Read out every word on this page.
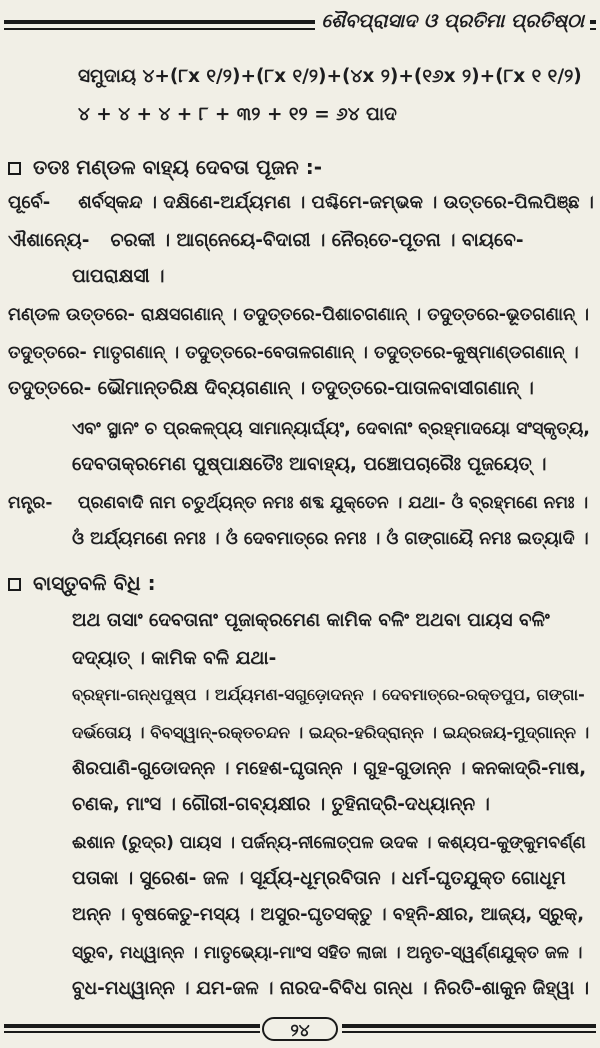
ଶୈବପ୍ରାସାଦ ଓ ପ୍ରତିମା ପ୍ରତିଷ୍ଠା
ସମୁଦାୟ ୪+(୮x ୧/୨)+(୮x ୧/୨)+(୪x ୨)+(୧୬x ୨)+(୮x ୧ ୧/୨)
୪ + ୪ + ୪ + ୮ + ୩୨ + ୧୨ = ୬୪ ପାଦ
ତତଃ ମଣ୍ଡଳ ବାହ୍ୟ ଦେବତା ପୂଜନ :-
ପୂର୍ବେ- ଶର୍ବସ୍କନ୍ଦ । ଦକ୍ଷିଣେ-ଅର୍ଯ୍ୟମଣ । ପଶ୍ଚିମେ-ଜମ୍ଭକ । ଉତ୍ତରେ-ପିଲପିଞ୍ଛ ।
ଐଶାନ୍ୟେ- ଚରକୀ । ଆଗ୍ନେୟେ-ବିଦାରୀ । ନୈଋତେ-ପୂତନା । ବାୟବେ-
ପାପରାକ୍ଷସୀ ।
ମଣ୍ଡଳ ଉତ୍ତରେ- ରାକ୍ଷସଗଣାନ୍ । ତଦୁତ୍ତରେ-ପିଶାଚଗଣାନ୍ । ତଦୁତ୍ତରେ-ଭୂତଗଣାନ୍ ।
ତଦୁତ୍ତରେ- ମାତୃଗଣାନ୍ । ତଦୁତ୍ତରେ-ବେତାଳଗଣାନ୍ । ତଦୁତ୍ତରେ-କୁଷ୍ମାଣ୍ଡଗଣାନ୍ ।
ତଦୁତ୍ତରେ- ଭୌମାନ୍ତରିକ୍ଷ ଦିବ୍ୟଗଣାନ୍ । ତଦୁତ୍ତରେ-ପାତାଳବାସୀଗଣାନ୍ ।
ଏବଂ ସ୍ଥାନଂ ଚ ପ୍ରକଳ୍ପ୍ୟ ସାମାନ୍ୟାର୍ଘ୍ୟଂ, ଦେବାନାଂ ବ୍ରହ୍ମାଦୟୋ ସଂସ୍କୃତ୍ୟ,
ଦେବତାକ୍ରମେଣ ପୁଷ୍ପାକ୍ଷତୈଃ ଆବାହ୍ୟ, ପଞ୍ଚୋପଚାରୈଃ ପୂଜୟେତ୍ ।
ମନ୍ତ୍ର- ପ୍ରଣବାଦି ନାମ ଚତୁର୍ଥ୍ୟନ୍ତ ନମଃ ଶବ୍ଦ ଯୁକ୍ତେନ । ଯଥା- ଓଁ ବ୍ରହ୍ମଣେ ନମଃ ।
ଓଁ ଅର୍ଯ୍ୟମଣେ ନମଃ । ଓଁ ଦେବମାତ୍ରେ ନମଃ । ଓଁ ଗଙ୍ଗାୟୈ ନମଃ ଇତ୍ୟାଦି ।
ବାସ୍ତୁବଳି ବିଧି :
ଅଥ ତାସାଂ ଦେବତାନାଂ ପୂଜାକ୍ରମେଣ କାମିକ ବଳିଂ ଅଥବା ପାୟସ ବଳିଂ
ଦଦ୍ୟାତ୍ । କାମିକ ବଳି ଯଥା-
ବ୍ରହ୍ମା-ଗନ୍ଧପୁଷ୍ପ । ଅର୍ଯ୍ୟମଣ-ସଗୁଡ଼ୋଦନ୍ନ । ଦେବମାତ୍ରେ-ରକ୍ତପୁପ, ଗଙ୍ଗା-
ଦର୍ଭତୋୟ । ବିବସ୍ୱାନ୍-ରକ୍ତଚନ୍ଦନ । ଇନ୍ଦ୍ର-ହରିଦ୍ରାନ୍ନ । ଇନ୍ଦ୍ରଜୟ-ମୁଦ୍ଗାନ୍ନ ।
ଶିରପାଣି-ଗୁଡୋଦନ୍ନ । ମହେଶ-ଘୃତାନ୍ନ । ଗୁହ-ଗୁଡାନ୍ନ । କନକାଦ୍ରି-ମାଷ,
ଚଣକ, ମାଂସ । ଗୌରୀ-ଗବ୍ୟକ୍ଷୀର । ତୁହିନାଦ୍ରି-ଦଧ୍ୟାନ୍ନ ।
ଈଶାନ (ରୁଦ୍ର) ପାୟସ । ପର୍ଜନ୍ୟ-ନୀଳୋତ୍ପଳ ଉଦକ । କଶ୍ୟପ-କୁଙ୍କୁମବର୍ଣ୍ଣ
ପତାକା । ସୁରେଶ- ଜଳ । ସୂର୍ଯ୍ୟ-ଧୂମ୍ରବିତାନ । ଧର୍ମ-ଘୃତଯୁକ୍ତ ଗୋଧୂମ
ଅନ୍ନ । ବୃଷକେତୁ-ମସ୍ୟ । ଅସୁର-ଘୃତସକ୍ତୁ । ବହ୍ନି-କ୍ଷୀର, ଆଜ୍ୟ, ସ୍ରୁକ୍,
ସ୍ରୁବ, ମଧ୍ୱାନ୍ନ । ମାତୃଭ୍ୟୋ-ମାଂସ ସହିତ ଲାଜା । ଅନୃତ-ସ୍ୱର୍ଣ୍ଣଯୁକ୍ତ ଜଳ ।
ବୁଧ-ମଧ୍ୱାନ୍ନ । ଯମ-ଜଳ । ନାରଦ-ବିବିଧ ଗନ୍ଧ । ନିରତି-ଶାକୁନ ଜିହ୍ୱା ।
୨୪
